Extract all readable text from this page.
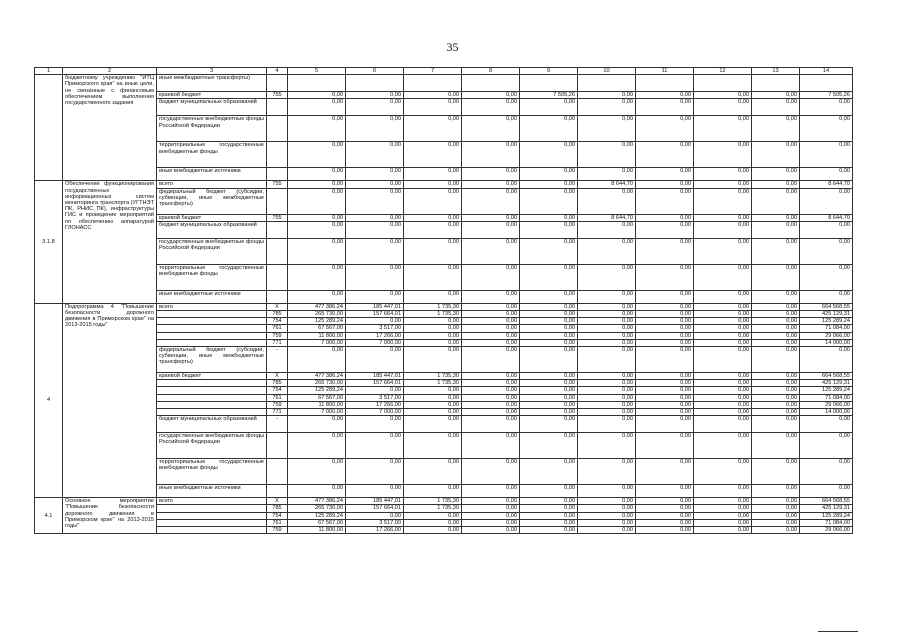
35
1	2	3	4	5	6	7	8	9	10	11	12	13	14
	бюджетному учреждению "ИТЦ Приморского края" на иные цели, не связанные с финансовым обеспечением выполнения государственного задания	иные межбюджетные трансферты)											
		краевой бюджет	755	0,00	0,00	0,00	0,00	7 505,26	0,00	0,00	0,00	0,00	7 505,26
		бюджет муниципальных образований		0,00	0,00	0,00	0,00	0,00	0,00	0,00	0,00	0,00	0,00
		государственные внебюджетные фонды Российской Федерации		0,00	0,00	0,00	0,00	0,00	0,00	0,00	0,00	0,00	0,00
		территориальные государственные внебюджетные фонды		0,00	0,00	0,00	0,00	0,00	0,00	0,00	0,00	0,00	0,00
		иные внебюджетные источники		0,00	0,00	0,00	0,00	0,00	0,00	0,00	0,00	0,00	0,00
3.1.8	Обеспечение функционирования государственных информационных систем мониторинга транспорта (УГТНЭТ ПК, РНИС ПК), инфраструктуры ГИС и проведение мероприятий по обеспечению аппаратурой ГЛОНАСС	всего	755	0,00	0,00	0,00	0,00	0,00	8 644,70	0,00	0,00	0,00	8 644,70
		федеральный бюджет (субсидии, субвенции, иные межбюджетные трансферты)		0,00	0,00	0,00	0,00	0,00	0,00	0,00	0,00	0,00	0,00
		краевой бюджет	755	0,00	0,00	0,00	0,00	0,00	8 644,70	0,00	0,00	0,00	8 644,70
		бюджет муниципальных образований		0,00	0,00	0,00	0,00	0,00	0,00	0,00	0,00	0,00	0,00
		государственные внебюджетные фонды Российской Федерации		0,00	0,00	0,00	0,00	0,00	0,00	0,00	0,00	0,00	0,00
		территориальные государственные внебюджетные фонды		0,00	0,00	0,00	0,00	0,00	0,00	0,00	0,00	0,00	0,00
		иные внебюджетные источники		0,00	0,00	0,00	0,00	0,00	0,00	0,00	0,00	0,00	0,00
4	Подпрограмма 4 "Повышение безопасности дорожного движения в Приморском крае" на 2013-2015 годы"	всего	X	477 386,24	185 447,01	1 735,30	0,00	0,00	0,00	0,00	0,00	0,00	664 568,55
			785	265 730,00	157 664,01	1 735,30	0,00	0,00	0,00	0,00	0,00	0,00	425 129,31
			754	125 289,24	0,00	0,00	0,00	0,00	0,00	0,00	0,00	0,00	125 289,24
			761	67 567,00	3 517,00	0,00	0,00	0,00	0,00	0,00	0,00	0,00	71 084,00
			759	11 800,00	17 266,00	0,00	0,00	0,00	0,00	0,00	0,00	0,00	29 066,00
			771	7 000,00	7 000,00	0,00	0,00	0,00	0,00	0,00	0,00	0,00	14 000,00
		федеральный бюджет (субсидии, субвенции, иные межбюджетные трансферты)	-	0,00	0,00	0,00	0,00	0,00	0,00	0,00	0,00	0,00	0,00
		краевой бюджет	X	477 386,24	185 447,01	1 735,30	0,00	0,00	0,00	0,00	0,00	0,00	664 568,55
			785	265 730,00	157 664,01	1 735,30	0,00	0,00	0,00	0,00	0,00	0,00	425 129,31
			754	125 289,24	0,00	0,00	0,00	0,00	0,00	0,00	0,00	0,00	125 289,24
			761	67 567,00	3 517,00	0,00	0,00	0,00	0,00	0,00	0,00	0,00	71 084,00
			759	11 800,00	17 266,00	0,00	0,00	0,00	0,00	0,00	0,00	0,00	29 066,00
			771	7 000,00	7 000,00	0,00	0,00	0,00	0,00	0,00	0,00	0,00	14 000,00
		бюджет муниципальных образований	-	0,00	0,00	0,00	0,00	0,00	0,00	0,00	0,00	0,00	0,00
		государственные внебюджетные фонды Российской Федерации		0,00	0,00	0,00	0,00	0,00	0,00	0,00	0,00	0,00	0,00
		территориальные государственные внебюджетные фонды		0,00	0,00	0,00	0,00	0,00	0,00	0,00	0,00	0,00	0,00
		иные внебюджетные источники		0,00	0,00	0,00	0,00	0,00	0,00	0,00	0,00	0,00	0,00
4.1	Основное мероприятие "Повышение безопасности дорожного движения в Приморском крае" на 2013-2015 годы"	всего	X	477 386,24	185 447,01	1 735,30	0,00	0,00	0,00	0,00	0,00	0,00	664 568,55
			785	265 730,00	157 664,01	1 735,30	0,00	0,00	0,00	0,00	0,00	0,00	425 129,31
			754	125 289,24	0,00	0,00	0,00	0,00	0,00	0,00	0,00	0,00	125 289,24
			761	67 567,00	3 517,00	0,00	0,00	0,00	0,00	0,00	0,00	0,00	71 084,00
			759	11 800,00	17 266,00	0,00	0,00	0,00	0,00	0,00	0,00	0,00	29 066,00
